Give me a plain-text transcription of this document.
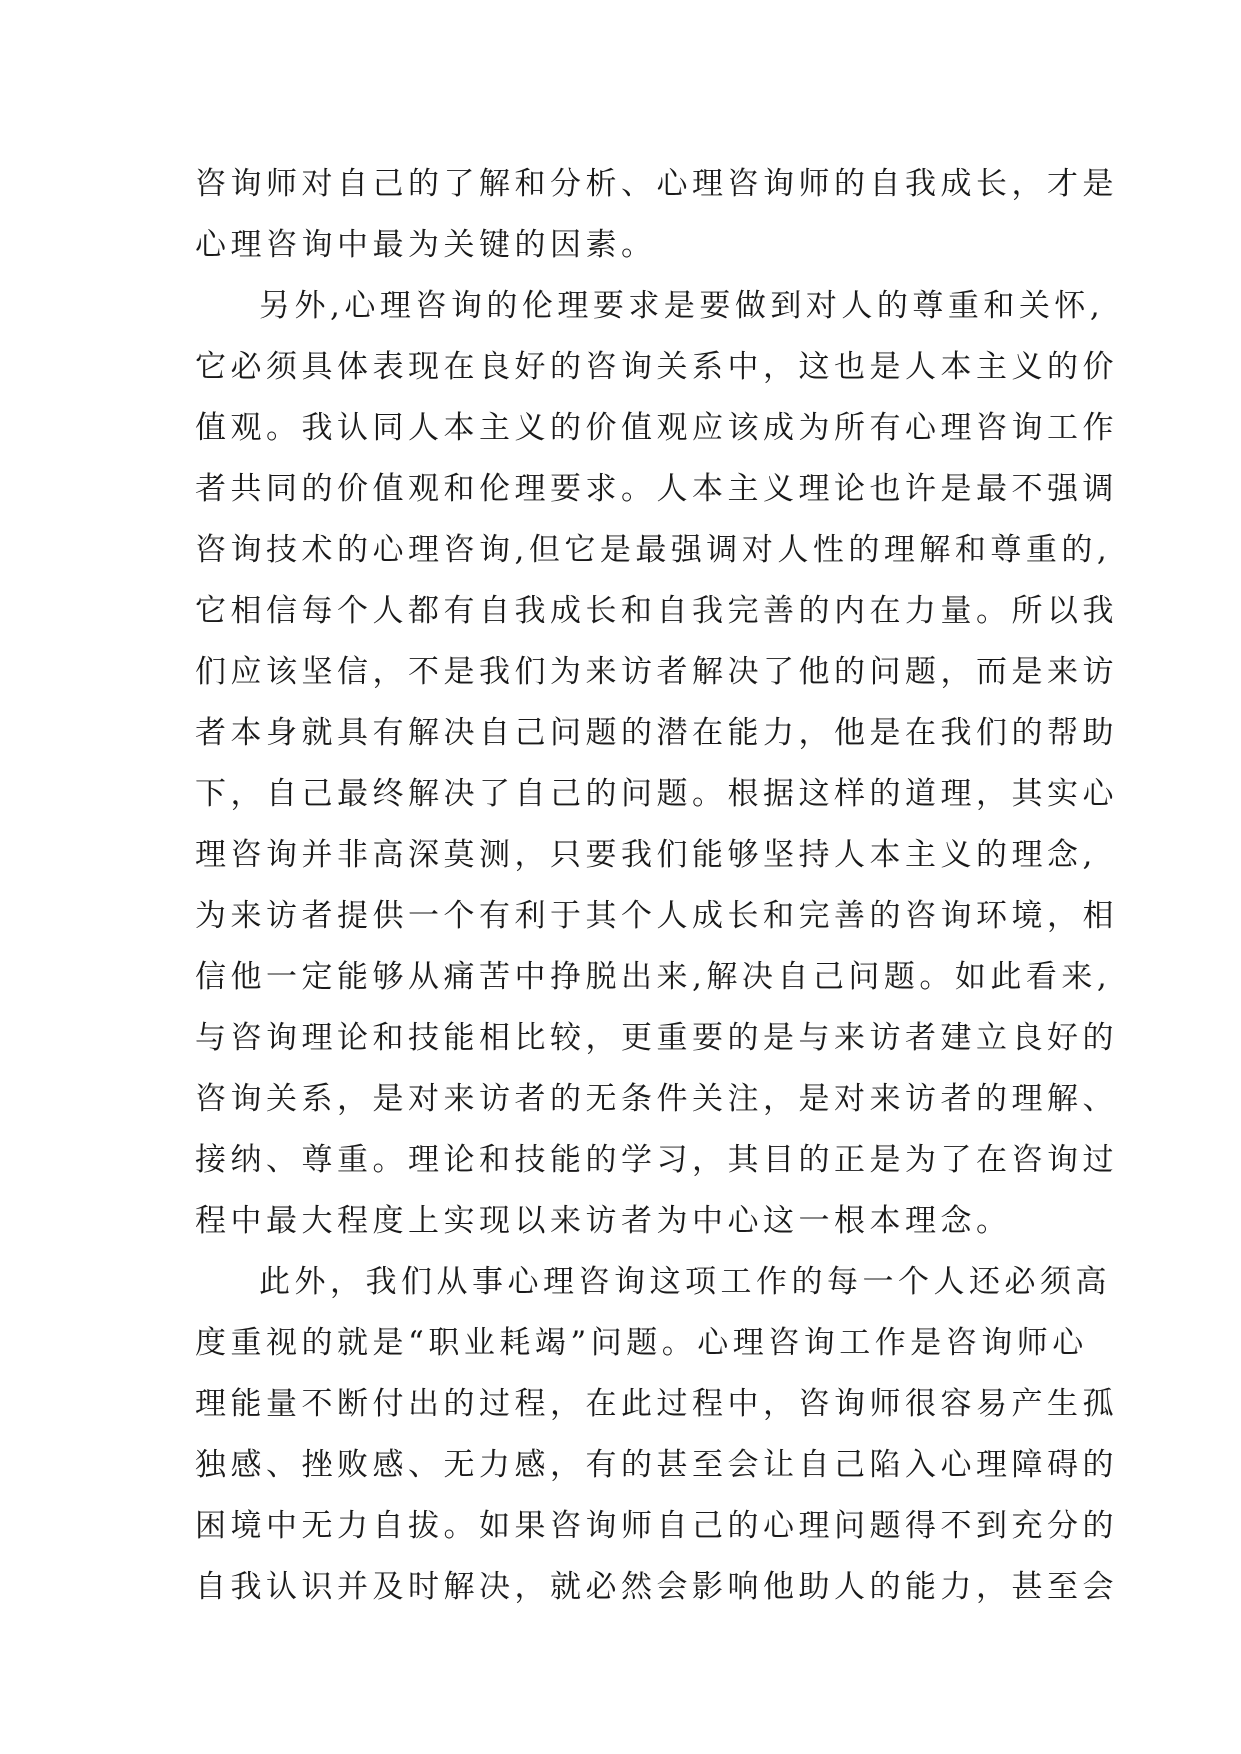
咨询师对自己的了解和分析、心理咨询师的自我成长，才是
心理咨询中最为关键的因素。
另外,心理咨询的伦理要求是要做到对人的尊重和关怀,
它必须具体表现在良好的咨询关系中，这也是人本主义的价
值观。我认同人本主义的价值观应该成为所有心理咨询工作
者共同的价值观和伦理要求。人本主义理论也许是最不强调
咨询技术的心理咨询,但它是最强调对人性的理解和尊重的,
它相信每个人都有自我成长和自我完善的内在力量。所以我
们应该坚信，不是我们为来访者解决了他的问题，而是来访
者本身就具有解决自己问题的潜在能力，他是在我们的帮助
下，自己最终解决了自己的问题。根据这样的道理，其实心
理咨询并非高深莫测，只要我们能够坚持人本主义的理念,
为来访者提供一个有利于其个人成长和完善的咨询环境，相
信他一定能够从痛苦中挣脱出来,解决自己问题。如此看来,
与咨询理论和技能相比较，更重要的是与来访者建立良好的
咨询关系，是对来访者的无条件关注，是对来访者的理解、
接纳、尊重。理论和技能的学习，其目的正是为了在咨询过
程中最大程度上实现以来访者为中心这一根本理念。
此外，我们从事心理咨询这项工作的每一个人还必须高
度重视的就是“职业耗竭”问题。心理咨询工作是咨询师心
理能量不断付出的过程，在此过程中，咨询师很容易产生孤
独感、挫败感、无力感，有的甚至会让自己陷入心理障碍的
困境中无力自拔。如果咨询师自己的心理问题得不到充分的
自我认识并及时解决，就必然会影响他助人的能力，甚至会
